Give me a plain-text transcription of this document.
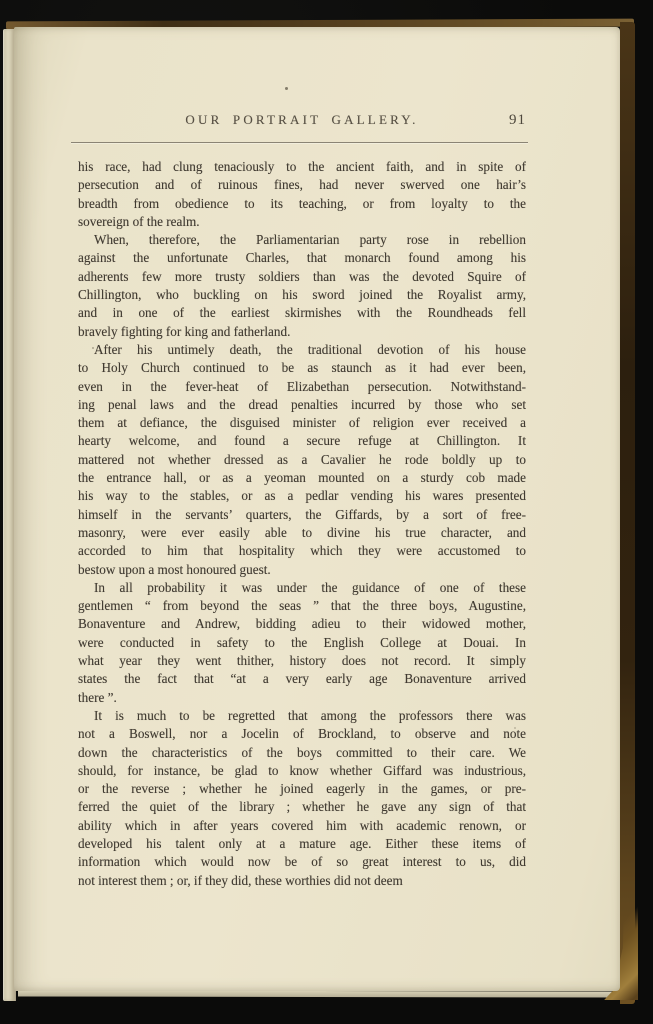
OUR PORTRAIT GALLERY.	91
his race, had clung tenaciously to the ancient faith, and in spite of
persecution and of ruinous fines, had never swerved one hair’s
breadth from obedience to its teaching, or from loyalty to the
sovereign of the realm.
When, therefore, the Parliamentarian party rose in rebellion
against the unfortunate Charles, that monarch found among his
adherents few more trusty soldiers than was the devoted Squire of
Chillington, who buckling on his sword joined the Royalist army,
and in one of the earliest skirmishes with the Roundheads fell
bravely fighting for king and fatherland.
After his untimely death, the traditional devotion of his house
to Holy Church continued to be as staunch as it had ever been,
even in the fever-heat of Elizabethan persecution. Notwithstand-
ing penal laws and the dread penalties incurred by those who set
them at defiance, the disguised minister of religion ever received a
hearty welcome, and found a secure refuge at Chillington. It
mattered not whether dressed as a Cavalier he rode boldly up to
the entrance hall, or as a yeoman mounted on a sturdy cob made
his way to the stables, or as a pedlar vending his wares presented
himself in the servants’ quarters, the Giffards, by a sort of free-
masonry, were ever easily able to divine his true character, and
accorded to him that hospitality which they were accustomed to
bestow upon a most honoured guest.
In all probability it was under the guidance of one of these
gentlemen “ from beyond the seas ” that the three boys, Augustine,
Bonaventure and Andrew, bidding adieu to their widowed mother,
were conducted in safety to the English College at Douai. In
what year they went thither, history does not record. It simply
states the fact that “at a very early age Bonaventure arrived
there ”.
It is much to be regretted that among the professors there was
not a Boswell, nor a Jocelin of Brockland, to observe and note
down the characteristics of the boys committed to their care. We
should, for instance, be glad to know whether Giffard was industrious,
or the reverse ; whether he joined eagerly in the games, or pre-
ferred the quiet of the library ; whether he gave any sign of that
ability which in after years covered him with academic renown, or
developed his talent only at a mature age. Either these items of
information which would now be of so great interest to us, did
not interest them ; or, if they did, these worthies did not deem
